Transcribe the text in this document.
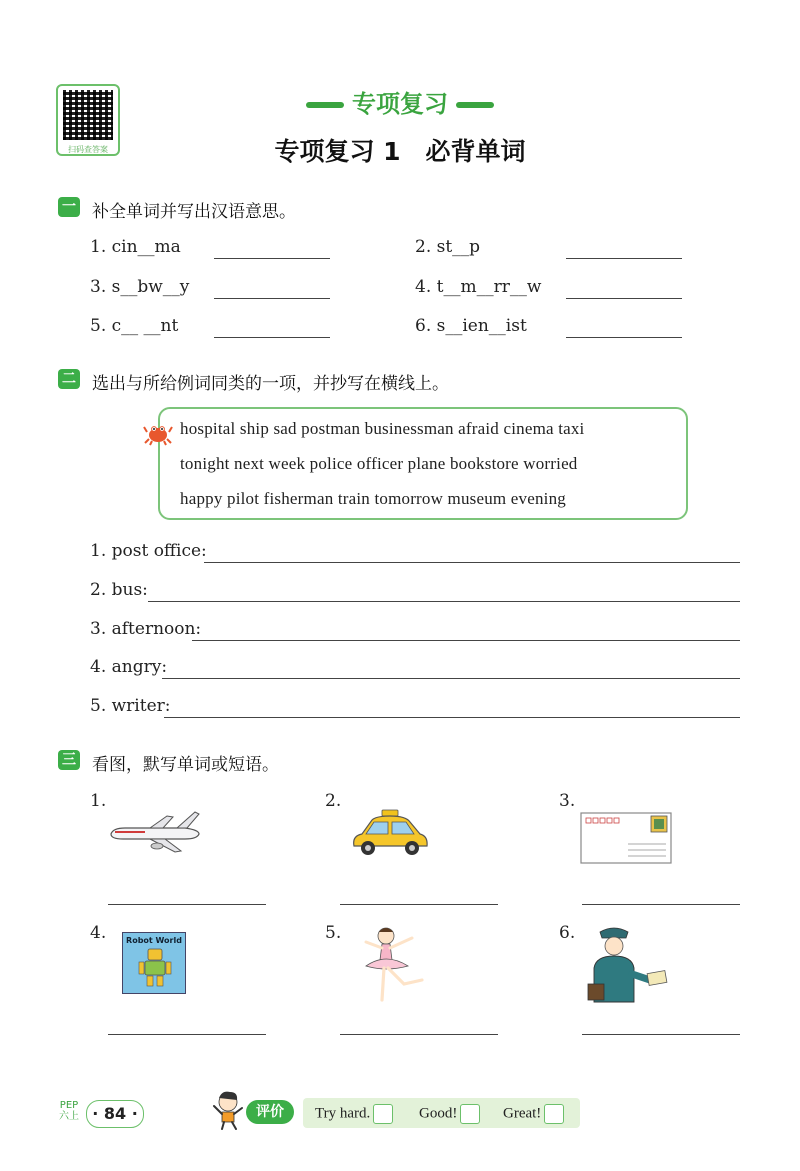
扫码查答案
专项复习
专项复习 1　必背单词
一 补全单词并写出汉语意思。
1. cin__ma	2. st__p
3. s__bw__y	4. t__m__rr__w
5. c__ __nt	6. s__ien__ist
二 选出与所给例词同类的一项，并抄写在横线上。
hospital ship sad postman businessman afraid cinema taxi
tonight next week police officer plane bookstore worried
happy pilot fisherman train tomorrow museum evening
1. post office:
2. bus:
3. afternoon:
4. angry:
5. writer:
三 看图，默写单词或短语。
1.	2.	3.
4.	Robot World	5.	6.
PEP
六上 · 84 ·	评价	Try hard.	Good!	Great!
